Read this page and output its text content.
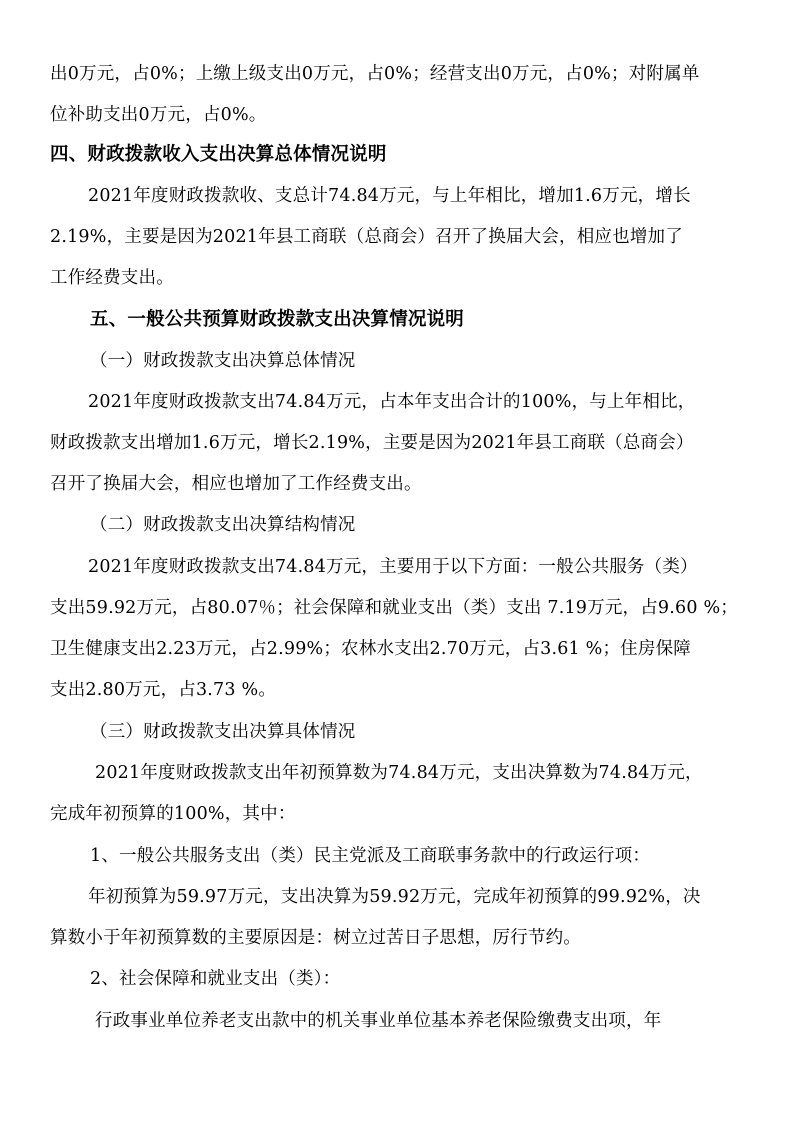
出0万元，占0%；上缴上级支出0万元，占0%；经营支出0万元，占0%；对附属单
位补助支出0万元，占0%。
四、财政拨款收入支出决算总体情况说明
2021年度财政拨款收、支总计74.84万元，与上年相比，增加1.6万元，增长
2.19%，主要是因为2021年县工商联（总商会）召开了换届大会，相应也增加了
工作经费支出。
五、一般公共预算财政拨款支出决算情况说明
（一）财政拨款支出决算总体情况
2021年度财政拨款支出74.84万元，占本年支出合计的100%，与上年相比，
财政拨款支出增加1.6万元，增长2.19%，主要是因为2021年县工商联（总商会）
召开了换届大会，相应也增加了工作经费支出。
（二）财政拨款支出决算结构情况
2021年度财政拨款支出74.84万元，主要用于以下方面：一般公共服务（类）
支出59.92万元，占80.07％；社会保障和就业支出（类）支出 7.19万元，占9.60 %；
卫生健康支出2.23万元，占2.99%；农林水支出2.70万元，占3.61 %；住房保障
支出2.80万元，占3.73 %。
（三）财政拨款支出决算具体情况
2021年度财政拨款支出年初预算数为74.84万元，支出决算数为74.84万元，
完成年初预算的100%，其中：
1、一般公共服务支出（类）民主党派及工商联事务款中的行政运行项：
年初预算为59.97万元，支出决算为59.92万元，完成年初预算的99.92%，决
算数小于年初预算数的主要原因是：树立过苦日子思想，厉行节约。
2、社会保障和就业支出（类）：
行政事业单位养老支出款中的机关事业单位基本养老保险缴费支出项，年
